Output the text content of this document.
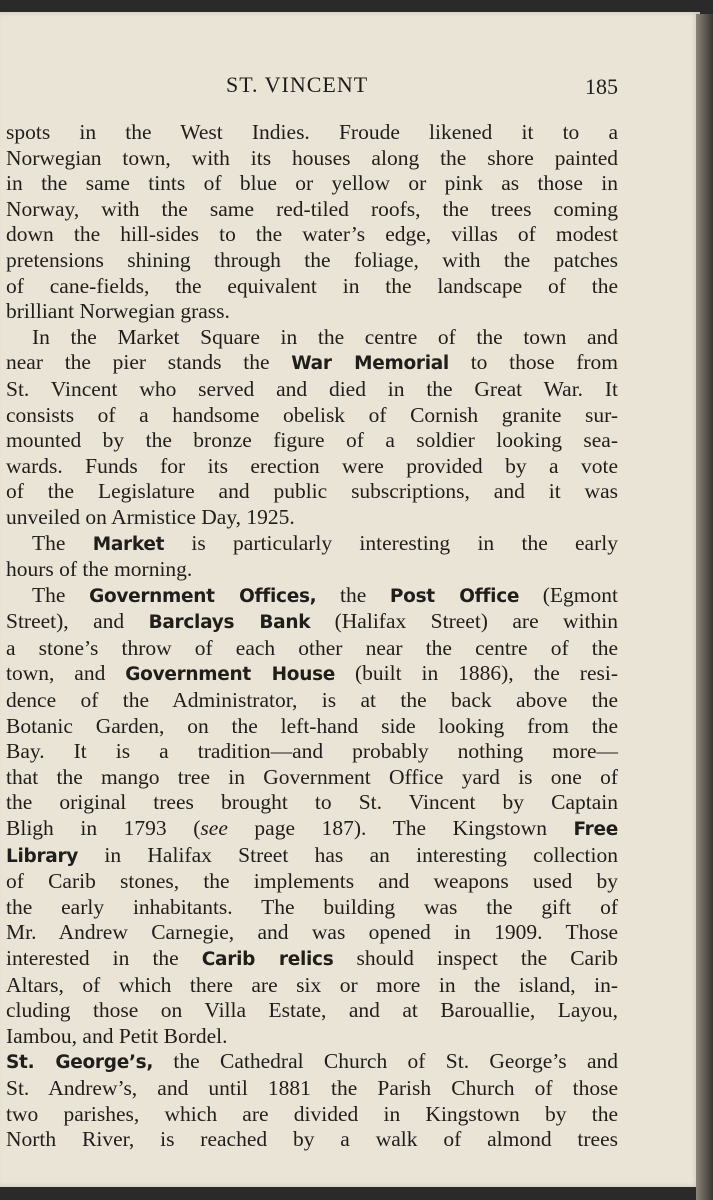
ST. VINCENT	185
spots in the West Indies. Froude likened it to a
Norwegian town, with its houses along the shore painted
in the same tints of blue or yellow or pink as those in
Norway, with the same red-tiled roofs, the trees coming
down the hill-sides to the water’s edge, villas of modest
pretensions shining through the foliage, with the patches
of cane-fields, the equivalent in the landscape of the
brilliant Norwegian grass.
In the Market Square in the centre of the town and
near the pier stands the War Memorial to those from
St. Vincent who served and died in the Great War. It
consists of a handsome obelisk of Cornish granite sur-
mounted by the bronze figure of a soldier looking sea-
wards. Funds for its erection were provided by a vote
of the Legislature and public subscriptions, and it was
unveiled on Armistice Day, 1925.
The Market is particularly interesting in the early
hours of the morning.
The Government Offices, the Post Office (Egmont
Street), and Barclays Bank (Halifax Street) are within
a stone’s throw of each other near the centre of the
town, and Government House (built in 1886), the resi-
dence of the Administrator, is at the back above the
Botanic Garden, on the left-hand side looking from the
Bay. It is a tradition—and probably nothing more—
that the mango tree in Government Office yard is one of
the original trees brought to St. Vincent by Captain
Bligh in 1793 (see page 187). The Kingstown Free
Library in Halifax Street has an interesting collection
of Carib stones, the implements and weapons used by
the early inhabitants. The building was the gift of
Mr. Andrew Carnegie, and was opened in 1909. Those
interested in the Carib relics should inspect the Carib
Altars, of which there are six or more in the island, in-
cluding those on Villa Estate, and at Barouallie, Layou,
Iambou, and Petit Bordel.
St. George’s, the Cathedral Church of St. George’s and
St. Andrew’s, and until 1881 the Parish Church of those
two parishes, which are divided in Kingstown by the
North River, is reached by a walk of almond trees
